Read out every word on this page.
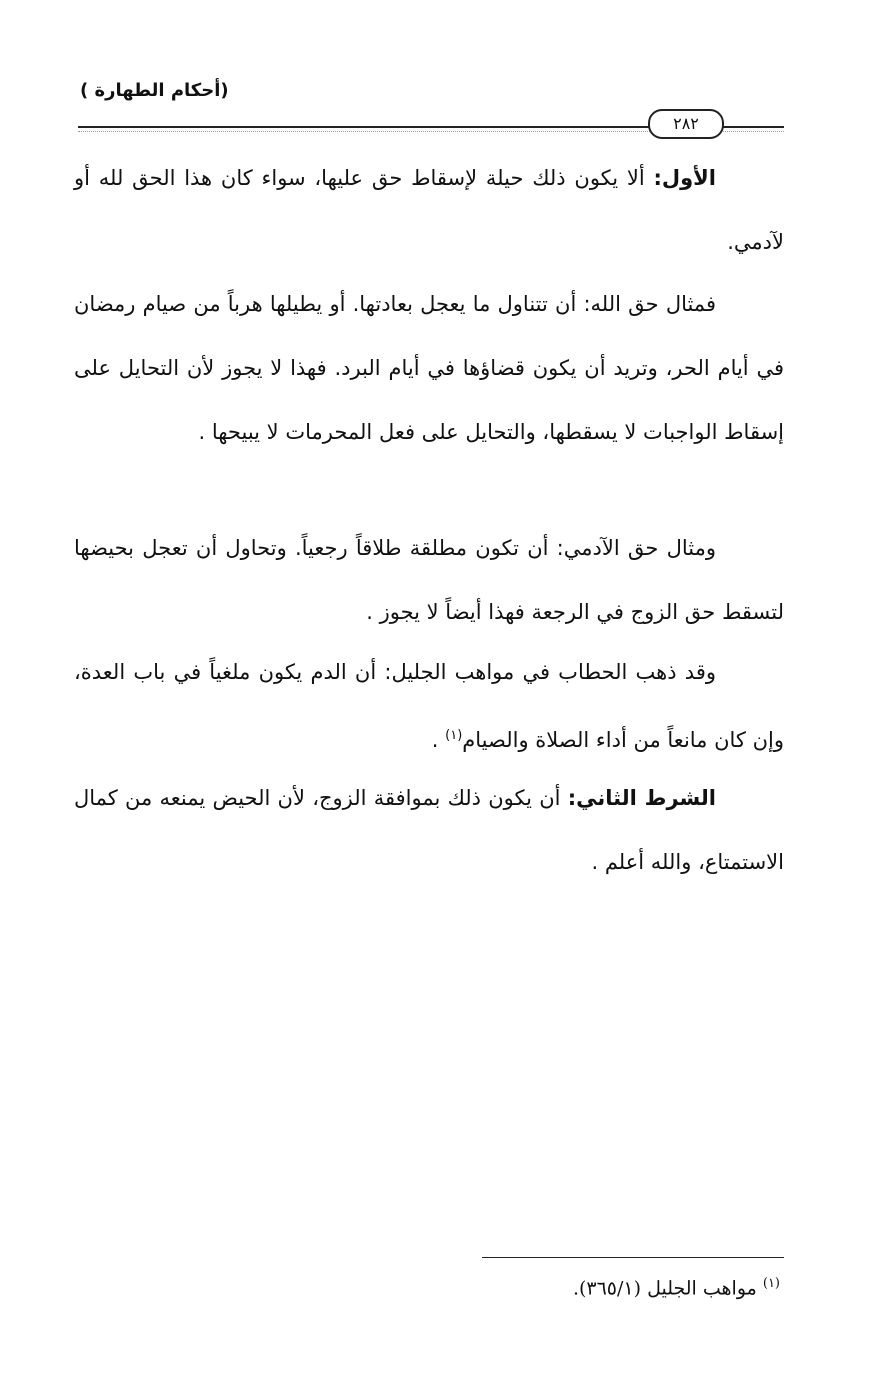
(أحكام الطهارة )
٢٨٢

الأول: ألا يكون ذلك حيلة لإسقاط حق عليها، سواء كان هذا الحق لله أو لآدمي.

فمثال حق الله: أن تتناول ما يعجل بعادتها. أو يطيلها هرباً من صيام رمضان في أيام الحر، وتريد أن يكون قضاؤها في أيام البرد. فهذا لا يجوز لأن التحايل على إسقاط الواجبات لا يسقطها، والتحايل على فعل المحرمات لا يبيحها .

ومثال حق الآدمي: أن تكون مطلقة طلاقاً رجعياً. وتحاول أن تعجل بحيضها لتسقط حق الزوج في الرجعة فهذا أيضاً لا يجوز .

وقد ذهب الحطاب في مواهب الجليل: أن الدم يكون ملغياً في باب العدة، وإن كان مانعاً من أداء الصلاة والصيام$^{(١)}$ .

الشرط الثاني: أن يكون ذلك بموافقة الزوج، لأن الحيض يمنعه من كمال الاستمتاع، والله أعلم .

$^{(١)}$ مواهب الجليل (٣٦٥/١).
